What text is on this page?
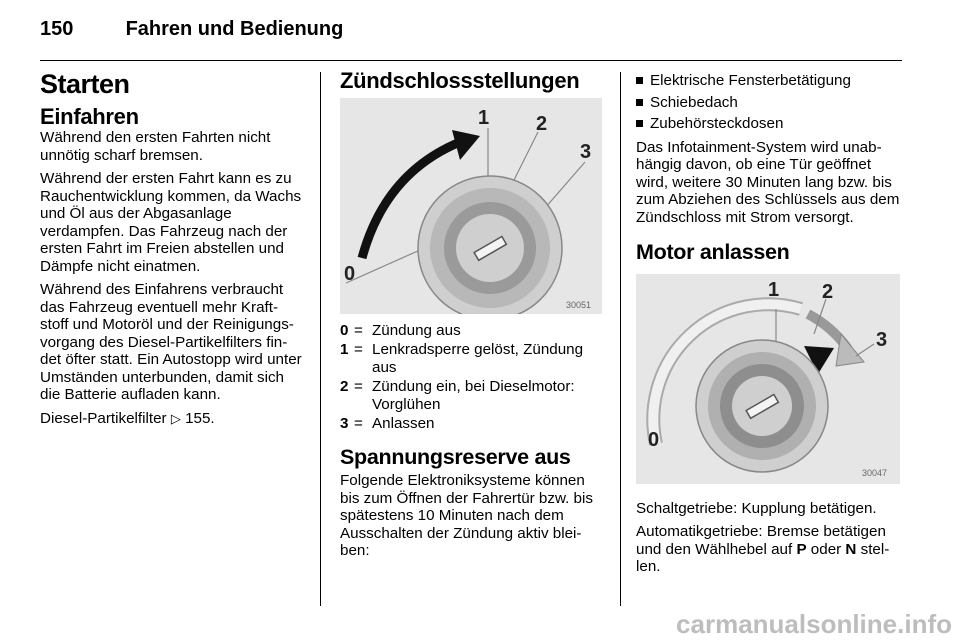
150	Fahren und Bedienung
Starten
Einfahren

Während den ersten Fahrten nicht unnötig scharf bremsen.

Während der ersten Fahrt kann es zu Rauchentwicklung kommen, da Wachs und Öl aus der Abgasanlage verdampfen. Das Fahrzeug nach der ersten Fahrt im Freien abstellen und Dämpfe nicht einatmen.

Während des Einfahrens verbraucht das Fahrzeug eventuell mehr Kraft-stoff und Motoröl und der Reinigungs-vorgang des Diesel-Partikelfilters fin-det öfter statt. Ein Autostopp wird unter Umständen unterbunden, damit sich die Batterie aufladen kann.

Diesel-Partikelfilter ▷ 155.

Zündschlossstellungen
0
1 2
3
30051
0 = Zündung aus
1 = Lenkradsperre gelöst, Zündung aus
2 = Zündung ein, bei Dieselmotor: Vorglühen
3 = Anlassen
Spannungsreserve aus

Folgende Elektroniksysteme können bis zum Öffnen der Fahrertür bzw. bis spätestens 10 Minuten nach dem Ausschalten der Zündung aktiv blei-ben:

Elektrische Fensterbetätigung
Schiebedach
Zubehörsteckdosen

Das Infotainment-System wird unab-hängig davon, ob eine Tür geöffnet wird, weitere 30 Minuten lang bzw. bis zum Abziehen des Schlüssels aus dem Zündschloss mit Strom versorgt.

Motor anlassen
0
1 2
3
30047

Schaltgetriebe: Kupplung betätigen.

Automatikgetriebe: Bremse betätigen und den Wählhebel auf P oder N stel-len.

carmanualsonline.info
